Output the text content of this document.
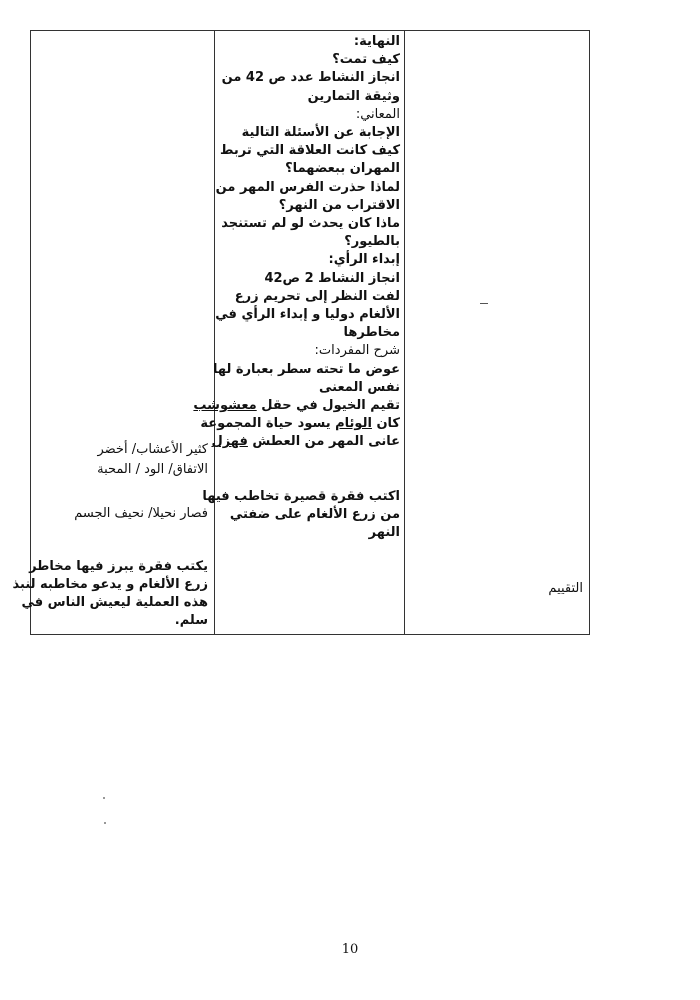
النهاية:
كيف تمت؟
انجاز النشاط عدد ص 42 من
وثيقة التمارين
المعاني:
الإجابة عن الأسئلة التالية
كيف كانت العلاقة التي تربط
المهران ببعضهما؟
لماذا حذرت الفرس المهر من
الاقتراب من النهر؟
ماذا كان يحدث لو لم تستنجد
بالطيور؟
إبداء الرأي:
انجاز النشاط 2 ص42
لفت النظر إلى تحريم زرع
الألغام دوليا و إبداء الرأي في
مخاطرها
شرح المفردات:
عوض ما تحته سطر بعبارة لها
نفس المعنى
تقيم الخيول في حقل معشوشب
كان الوئام يسود حياة المجموعة
عانى المهر من العطش فهزل
اكتب فقرة قصيرة تخاطب فيها
من زرع الألغام على ضفتي
النهر
كثير الأعشاب/ أخضر
الاتفاق/ الود / المحبة
فصار نحيلا/ نحيف الجسم
يكتب فقرة يبرز فيها مخاطر
زرع الألغام و يدعو مخاطبه لنبذ
هذه العملية ليعيش الناس في
سلم.
التقييم
10
